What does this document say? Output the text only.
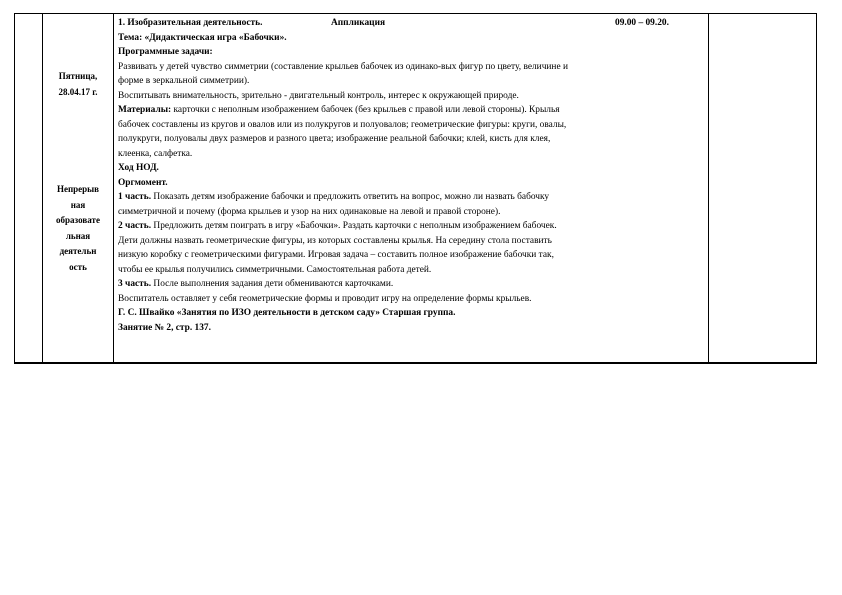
Пятница,
28.04.17 г.
Непрерыв
ная
образовате
льная
деятельн
ость

1. Изобразительная деятельность.	Аппликация	09.00 – 09.20.
Тема: «Дидактическая игра «Бабочки».
Программные задачи:
Развивать у детей чувство симметрии (составление крыльев бабочек из одинако-вых фигур по цвету, величине и
форме в зеркальной симметрии).
Воспитывать внимательность, зрительно - двигательный контроль, интерес к окружающей природе.
Материалы: карточки с неполным изображением бабочек (без крыльев с правой или левой стороны). Крылья
бабочек составлены из кругов и овалов или из полукругов и полуовалов; геометрические фигуры: круги, овалы,
полукруги, полуовалы двух размеров и разного цвета; изображение реальной бабочки; клей, кисть для клея,
клеенка, салфетка.
Ход НОД.
Оргмомент.
1 часть. Показать детям изображение бабочки и предложить ответить на вопрос, можно ли назвать бабочку
симметричной и почему (форма крыльев и узор на них одинаковые на левой и правой стороне).
2 часть. Предложить детям поиграть в игру «Бабочки». Раздать карточки с неполным изображением бабочек.
Дети должны назвать геометрические фигуры, из которых составлены крылья. На середину стола поставить
низкую коробку с геометрическими фигурами. Игровая задача – составить полное изображение бабочки так,
чтобы ее крылья получились симметричными. Самостоятельная работа детей.
3 часть. После выполнения задания дети обмениваются карточками.
Воспитатель оставляет у себя геометрические формы и проводит игру на определение формы крыльев.
Г. С. Швайко «Занятия по ИЗО деятельности в детском саду» Старшая группа.
Занятие № 2, стр. 137.
